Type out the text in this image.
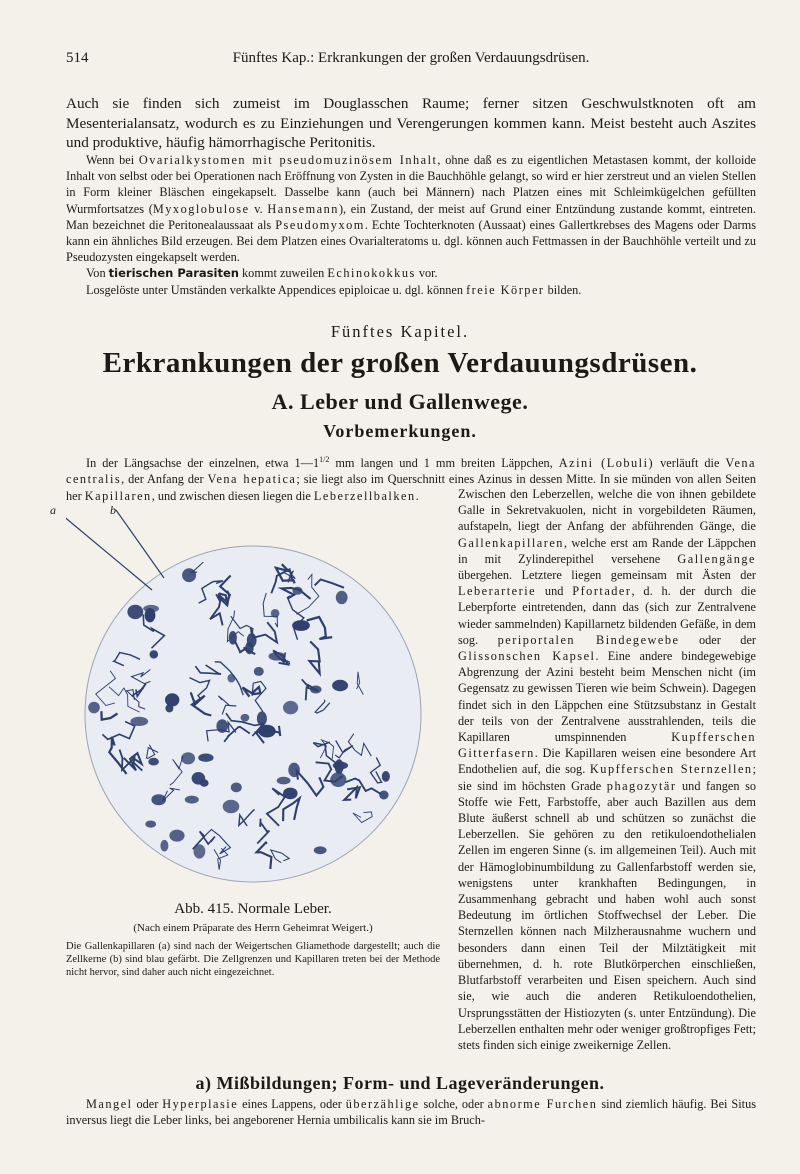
514	Fünftes Kap.: Erkrankungen der großen Verdauungsdrüsen.

Auch sie finden sich zumeist im Douglasschen Raume; ferner sitzen Geschwulstknoten oft am Mesenterialansatz, wodurch es zu Einziehungen und Verengerungen kommen kann. Meist besteht auch Aszites und produktive, häufig hämorrhagische Peritonitis.

Wenn bei Ovarialkystomen mit pseudomuzinösem Inhalt, ohne daß es zu eigentlichen Metastasen kommt, der kolloide Inhalt von selbst oder bei Operationen nach Eröffnung von Zysten in die Bauchhöhle gelangt, so wird er hier zerstreut und an vielen Stellen in Form kleiner Bläschen eingekapselt. Dasselbe kann (auch bei Männern) nach Platzen eines mit Schleimkügelchen gefüllten Wurmfortsatzes (Myxoglobulose v. Hansemann), ein Zustand, der meist auf Grund einer Entzündung zustande kommt, eintreten. Man bezeichnet die Peritonealaussaat als Pseudomyxom. Echte Tochterknoten (Aussaat) eines Gallertkrebses des Magens oder Darms kann ein ähnliches Bild erzeugen. Bei dem Platzen eines Ovarialteratoms u. dgl. können auch Fettmassen in der Bauchhöhle verteilt und zu Pseudozysten eingekapselt werden.

Von tierischen Parasiten kommt zuweilen Echinokokkus vor.

Losgelöste unter Umständen verkalkte Appendices epiploicae u. dgl. können freie Körper bilden.

Fünftes Kapitel.
Erkrankungen der großen Verdauungsdrüsen.
A. Leber und Gallenwege.
Vorbemerkungen.

In der Längsachse der einzelnen, etwa $1—1^{1/2}$ mm langen und 1 mm breiten Läppchen, Azini (Lobuli) verläuft die Vena centralis, der Anfang der Vena hepatica; sie liegt also im Querschnitt eines Azinus in dessen Mitte. In sie münden von allen Seiten her Kapillaren, und zwischen diesen liegen die Leberzellbalken.	Zwischen den Leberzellen, welche die von ihnen gebildete Galle in Sekretvakuolen, nicht in vorgebildeten Räumen, aufstapeln, liegt der Anfang der abführenden Gänge, die Gallenkapillaren, welche erst am Rande der Läppchen in mit Zylinderepithel versehene Gallengänge übergehen. Letztere liegen gemeinsam mit Ästen der Leberarterie und Pfortader, d. h. der durch die Leberpforte eintretenden, dann das (sich zur Zentralvene wieder sammelnden) Kapillarnetz bildenden Gefäße, in dem sog. periportalen Bindegewebe oder der Glissonschen Kapsel. Eine andere bindegewebige Abgrenzung der Azini besteht beim Menschen nicht (im Gegensatz zu gewissen Tieren wie beim Schwein). Dagegen findet sich in den Läppchen eine Stützsubstanz in Gestalt der teils von der Zentralvene ausstrahlenden, teils die Kapillaren umspinnenden Kupfferschen Gitterfasern. Die Kapillaren weisen eine besondere Art Endothelien auf, die sog. Kupfferschen Sternzellen; sie sind im höchsten Grade phagozytär und fangen so Stoffe wie Fett, Farbstoffe, aber auch Bazillen aus dem Blute äußerst schnell ab und schützen so zunächst die Leberzellen. Sie gehören zu den retikuloendothelialen Zellen im engeren Sinne (s. im allgemeinen Teil). Auch mit der Hämoglobinumbildung zu Gallenfarbstoff werden sie, wenigstens unter krankhaften Bedingungen, in Zusammenhang gebracht und haben wohl auch sonst Bedeutung im örtlichen Stoffwechsel der Leber. Die Sternzellen können nach Milzherausnahme wuchern und besonders dann einen Teil der Milztätigkeit mit übernehmen, d. h. rote Blutkörperchen einschließen, Blutfarbstoff verarbeiten und Eisen speichern. Auch sind sie, wie auch die anderen Retikuloendothelien, Ursprungsstätten der Histiozyten (s. unter Entzündung). Die Leberzellen enthalten mehr oder weniger großtropfiges Fett; stets finden sich einige zweikernige Zellen.
a	b
Abb. 415. Normale Leber.
(Nach einem Präparate des Herrn Geheimrat Weigert.)
Die Gallenkapillaren (a) sind nach der Weigertschen Gliamethode dargestellt; auch die Zellkerne (b) sind blau gefärbt. Die Zellgrenzen und Kapillaren treten bei der Methode nicht hervor, sind daher auch nicht eingezeichnet.
a) Mißbildungen; Form- und Lageveränderungen.

Mangel oder Hyperplasie eines Lappens, oder überzählige solche, oder abnorme Furchen sind ziemlich häufig. Bei Situs inversus liegt die Leber links, bei angeborener Hernia umbilicalis kann sie im Bruch-
